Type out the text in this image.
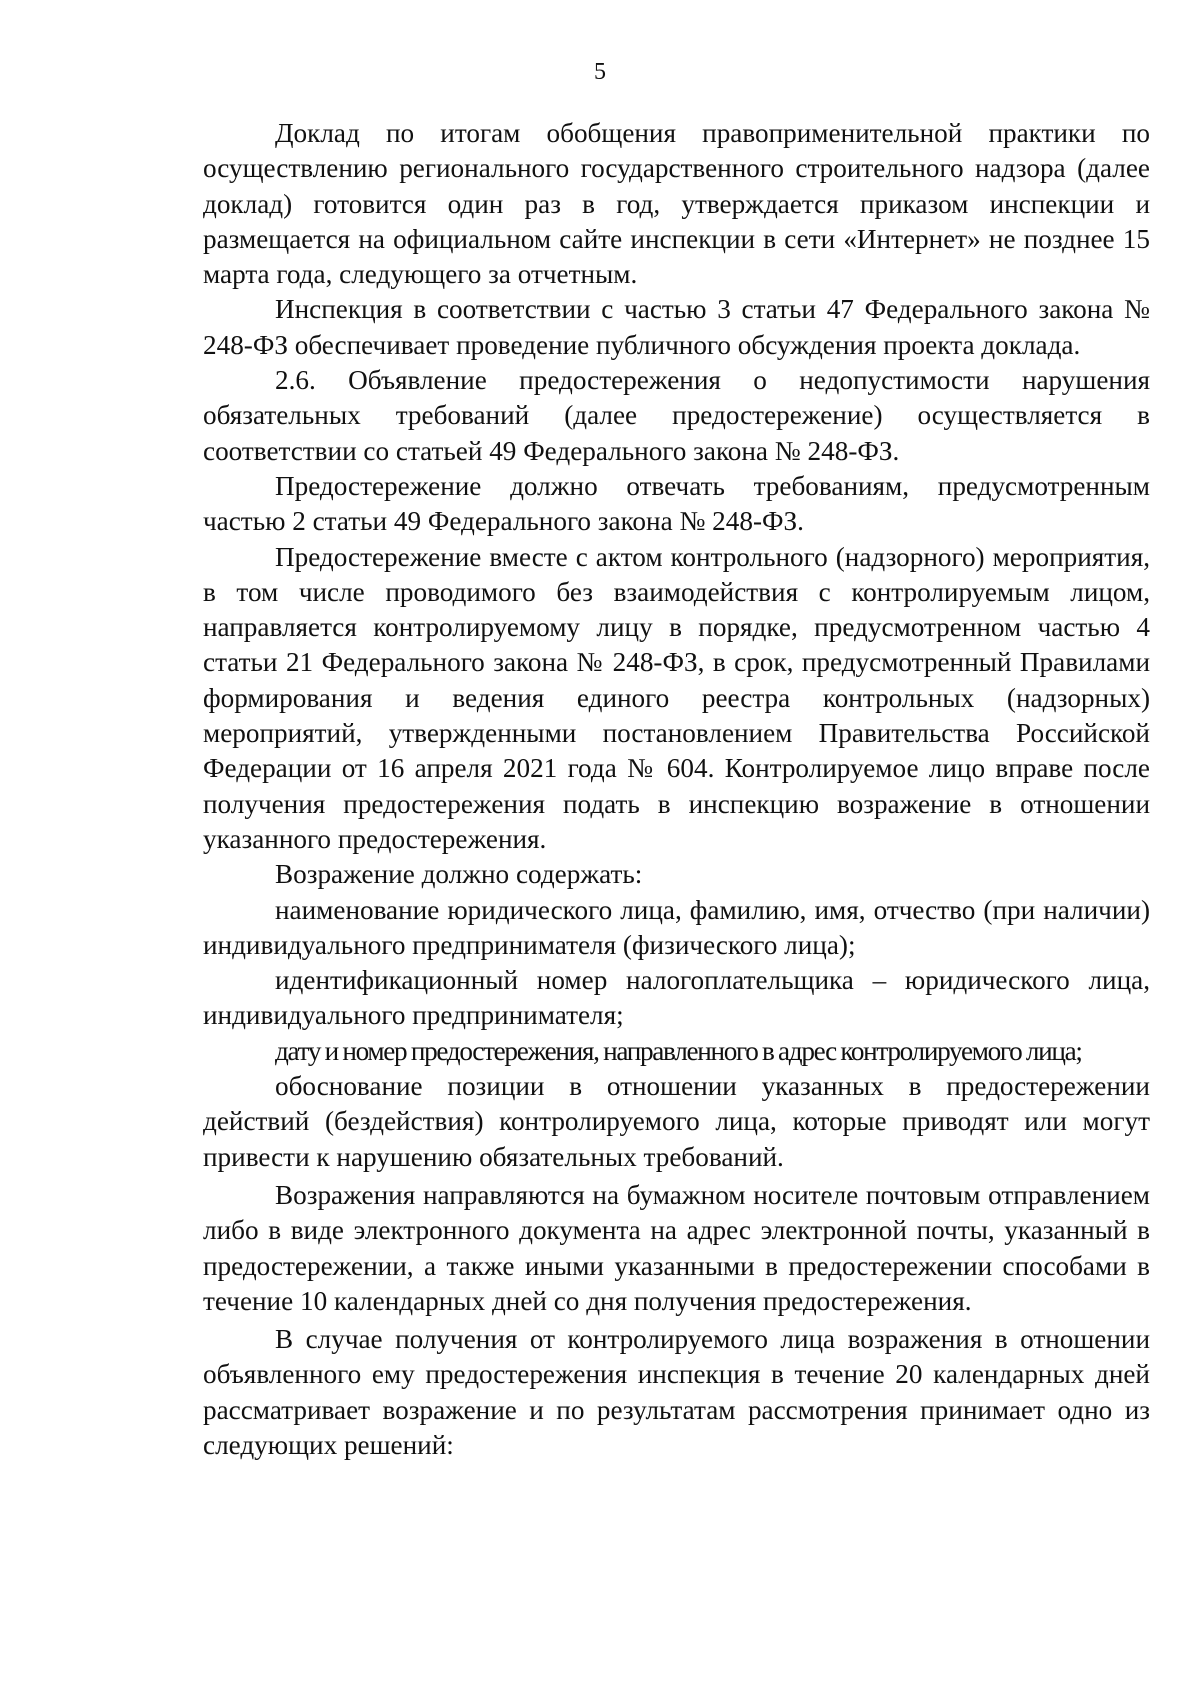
5

Доклад по итогам обобщения правоприменительной практики по осуществлению регионального государственного строительного надзора (далее доклад) готовится один раз в год, утверждается приказом инспекции и размещается на официальном сайте инспекции в сети «Интернет» не позднее 15 марта года, следующего за отчетным.

Инспекция в соответствии с частью 3 статьи 47 Федерального закона № 248-ФЗ обеспечивает проведение публичного обсуждения проекта доклада.

2.6. Объявление предостережения о недопустимости нарушения обязательных требований (далее предостережение) осуществляется в соответствии со статьей 49 Федерального закона № 248-ФЗ.

Предостережение должно отвечать требованиям, предусмотренным частью 2 статьи 49 Федерального закона № 248-ФЗ.

Предостережение вместе с актом контрольного (надзорного) мероприятия, в том числе проводимого без взаимодействия с контролируемым лицом, направляется контролируемому лицу в порядке, предусмотренном частью 4 статьи 21 Федерального закона № 248-ФЗ, в срок, предусмотренный Правилами формирования и ведения единого реестра контрольных (надзорных) мероприятий, утвержденными постановлением Правительства Российской Федерации от 16 апреля 2021 года № 604. Контролируемое лицо вправе после получения предостережения подать в инспекцию возражение в отношении указанного предостережения.

Возражение должно содержать:

наименование юридического лица, фамилию, имя, отчество (при наличии) индивидуального предпринимателя (физического лица);

идентификационный номер налогоплательщика – юридического лица, индивидуального предпринимателя;

дату и номер предостережения, направленного в адрес контролируемого лица;

обоснование позиции в отношении указанных в предостережении действий (бездействия) контролируемого лица, которые приводят или могут привести к нарушению обязательных требований.

Возражения направляются на бумажном носителе почтовым отправлением либо в виде электронного документа на адрес электронной почты, указанный в предостережении, а также иными указанными в предостережении способами в течение 10 календарных дней со дня получения предостережения.

В случае получения от контролируемого лица возражения в отношении объявленного ему предостережения инспекция в течение 20 календарных дней рассматривает возражение и по результатам рассмотрения принимает одно из следующих решений:
